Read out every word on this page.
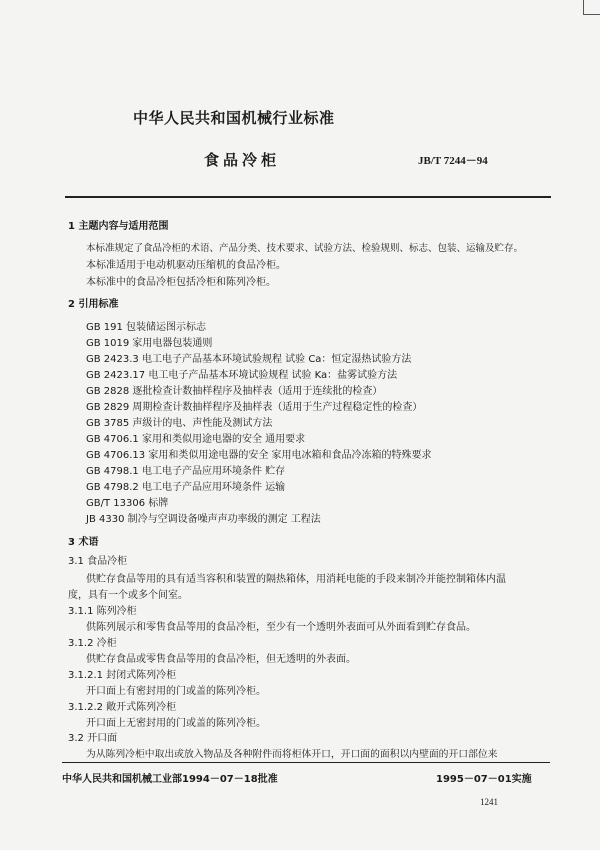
中华人民共和国机械行业标准
食品冷柜	JB/T 7244－94
1 主题内容与适用范围
本标准规定了食品冷柜的术语、产品分类、技术要求、试验方法、检验规则、标志、包装、运输及贮存。
本标准适用于电动机驱动压缩机的食品冷柜。
本标准中的食品冷柜包括冷柜和陈列冷柜。
2 引用标准
GB 191 包装储运图示标志
GB 1019 家用电器包装通则
GB 2423.3 电工电子产品基本环境试验规程 试验 Ca：恒定湿热试验方法
GB 2423.17 电工电子产品基本环境试验规程 试验 Ka：盐雾试验方法
GB 2828 逐批检查计数抽样程序及抽样表（适用于连续批的检查）
GB 2829 周期检查计数抽样程序及抽样表（适用于生产过程稳定性的检查）
GB 3785 声级计的电、声性能及测试方法
GB 4706.1 家用和类似用途电器的安全 通用要求
GB 4706.13 家用和类似用途电器的安全 家用电冰箱和食品冷冻箱的特殊要求
GB 4798.1 电工电子产品应用环境条件 贮存
GB 4798.2 电工电子产品应用环境条件 运输
GB/T 13306 标牌
JB 4330 制冷与空调设备噪声声功率级的测定 工程法
3 术语
3.1 食品冷柜
供贮存食品等用的具有适当容积和装置的隔热箱体，用消耗电能的手段来制冷并能控制箱体内温
度，具有一个或多个间室。
3.1.1 陈列冷柜
供陈列展示和零售食品等用的食品冷柜，至少有一个透明外表面可从外面看到贮存食品。
3.1.2 冷柜
供贮存食品或零售食品等用的食品冷柜，但无透明的外表面。
3.1.2.1 封闭式陈列冷柜
开口面上有密封用的门或盖的陈列冷柜。
3.1.2.2 敞开式陈列冷柜
开口面上无密封用的门或盖的陈列冷柜。
3.2 开口面
为从陈列冷柜中取出或放入物品及各种附件而将柜体开口，开口面的面积以内壁面的开口部位来
中华人民共和国机械工业部1994－07－18批准	1995－07－01实施
1241
